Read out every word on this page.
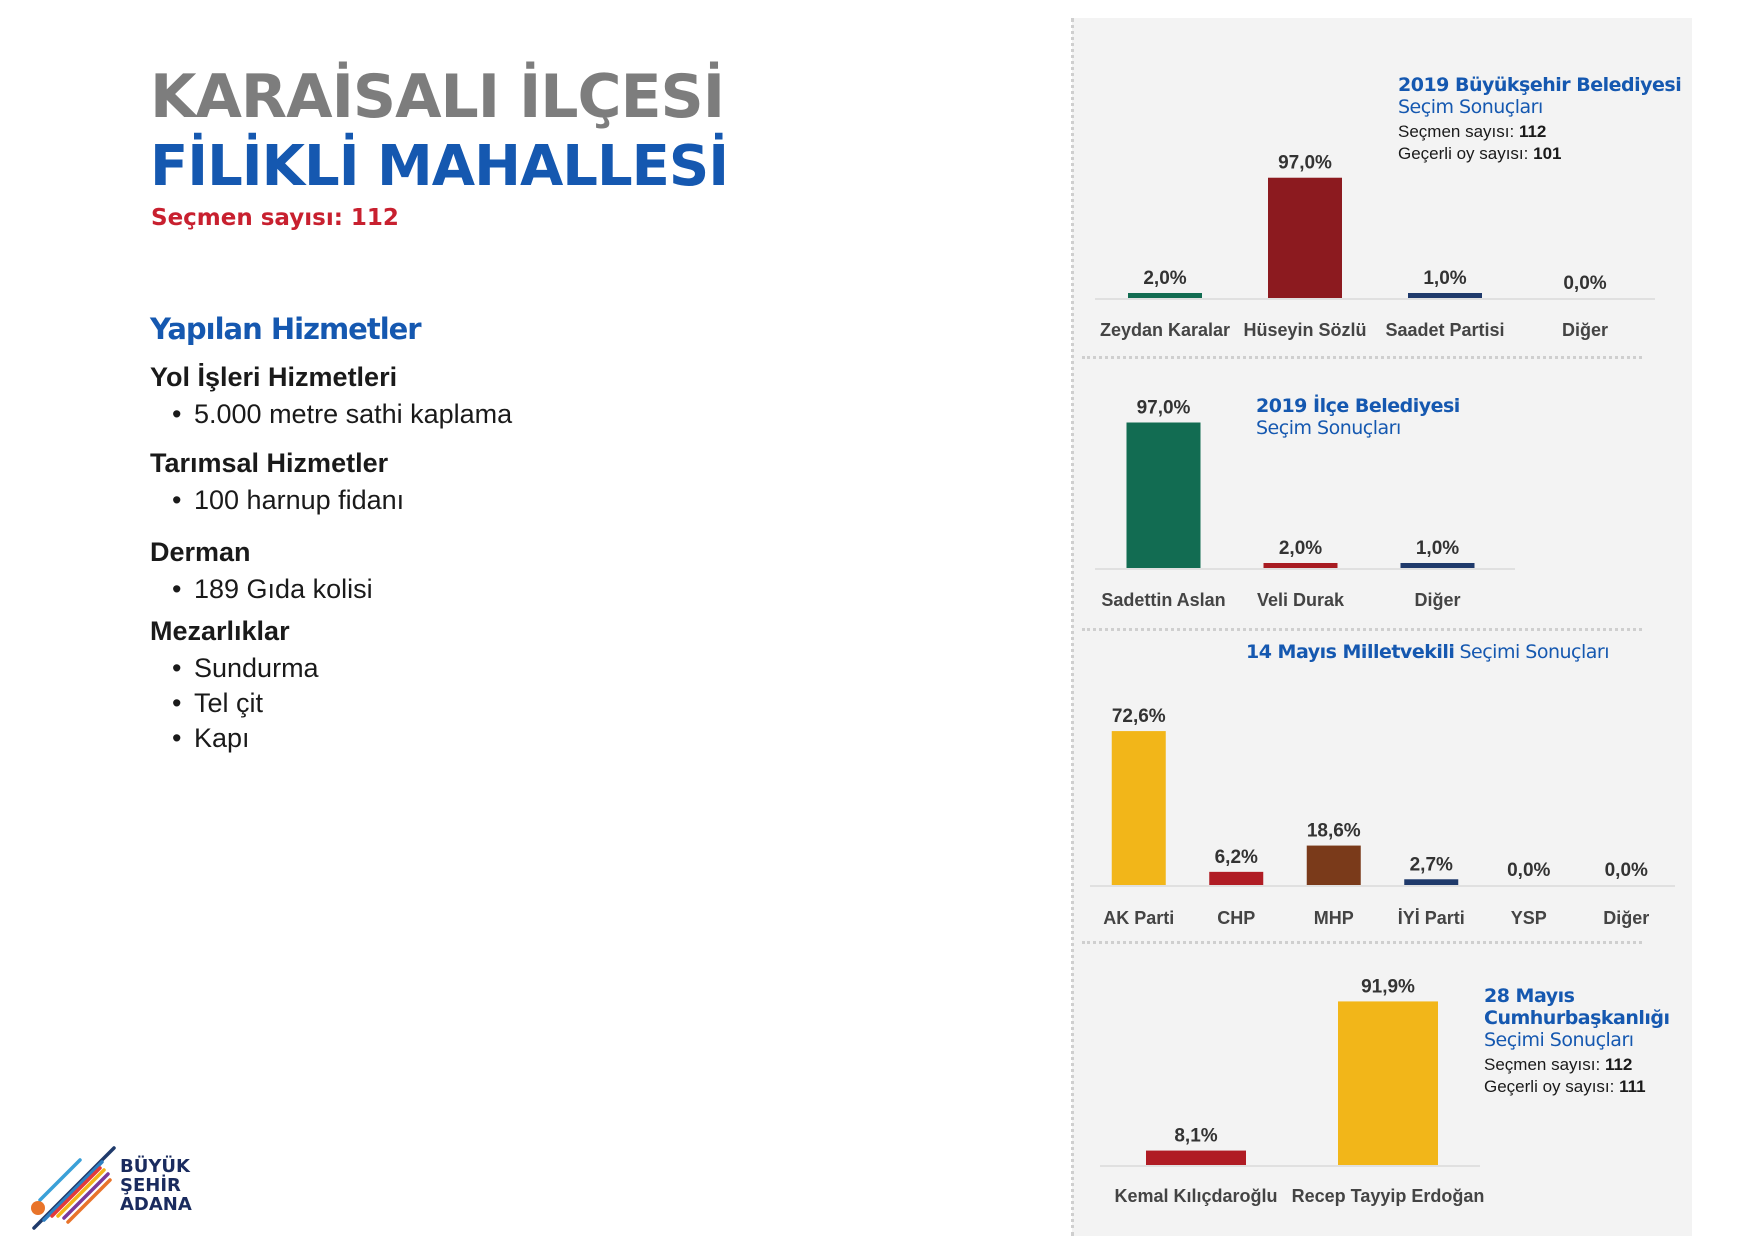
KARAİSALI İLÇESİ
FİLİKLİ MAHALLESİ
Seçmen sayısı: 112
Yapılan Hizmetler
Yol İşleri Hizmetleri
• 5.000 metre sathi kaplama
Tarımsal Hizmetler
• 100 harnup fidanı
Derman
• 189 Gıda kolisi
Mezarlıklar
• Sundurma
• Tel çit
• Kapı
BÜYÜK
ŞEHİR
ADANA
2019 Büyükşehir Belediyesi
Seçim Sonuçları
Seçmen sayısı: 112
Geçerli oy sayısı: 101
2019 İlçe Belediyesi
Seçim Sonuçları
14 Mayıs Milletvekili Seçimi Sonuçları
28 Mayıs Cumhurbaşkanlığı
Seçimi Sonuçları
Seçmen sayısı: 112
Geçerli oy sayısı: 111
2,0%
Zeydan Karalar
97,0%
Hüseyin Sözlü
1,0%
Saadet Partisi
0,0%
Diğer
97,0%
Sadettin Aslan
2,0%
Veli Durak
1,0%
Diğer
72,6%
AK Parti
6,2%
CHP
18,6%
MHP
2,7%
İYİ Parti
0,0%
YSP
0,0%
Diğer
8,1%
Kemal Kılıçdaroğlu
91,9%
Recep Tayyip Erdoğan
